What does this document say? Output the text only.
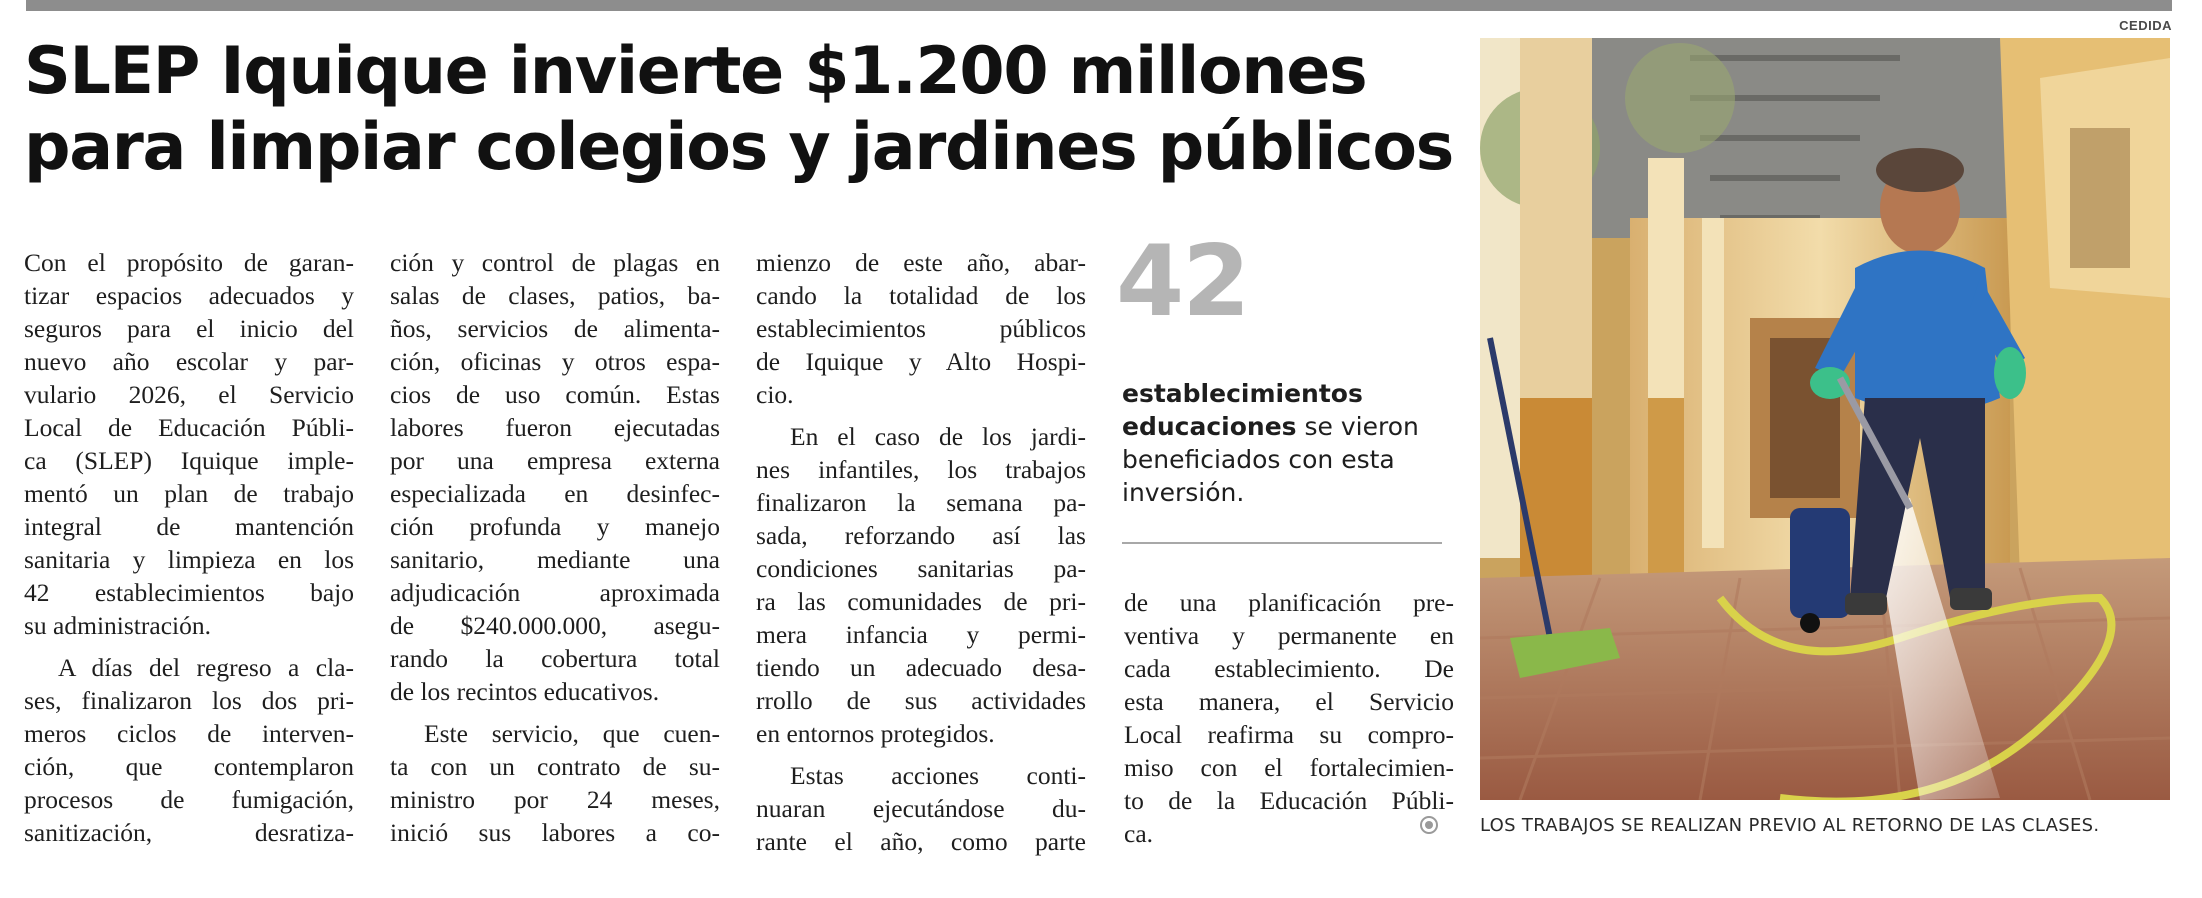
CEDIDA
SLEP Iquique invierte $1.200 millones
para limpiar colegios y jardines públicos

Con el propósito de garan-

tizar espacios adecuados y

seguros para el inicio del

nuevo año escolar y par-

vulario 2026, el Servicio

Local de Educación Públi-

ca (SLEP) Iquique imple-

mentó un plan de trabajo

integral de mantención

sanitaria y limpieza en los

42 establecimientos bajo

su administración.

A días del regreso a cla-

ses, finalizaron los dos pri-

meros ciclos de interven-

ción, que contemplaron

procesos de fumigación,

sanitización, desratiza-

ción y control de plagas en

salas de clases, patios, ba-

ños, servicios de alimenta-

ción, oficinas y otros espa-

cios de uso común. Estas

labores fueron ejecutadas

por una empresa externa

especializada en desinfec-

ción profunda y manejo

sanitario, mediante una

adjudicación aproximada

de $240.000.000, asegu-

rando la cobertura total

de los recintos educativos.

Este servicio, que cuen-

ta con un contrato de su-

ministro por 24 meses,

inició sus labores a co-

mienzo de este año, abar-

cando la totalidad de los

establecimientos públicos

de Iquique y Alto Hospi-

cio.

En el caso de los jardi-

nes infantiles, los trabajos

finalizaron la semana pa-

sada, reforzando así las

condiciones sanitarias pa-

ra las comunidades de pri-

mera infancia y permi-

tiendo un adecuado desa-

rrollo de sus actividades

en entornos protegidos.

Estas acciones conti-

nuaran ejecutándose du-

rante el año, como parte

42

establecimientos educaciones se vieron beneficiados con esta inversión.

de una planificación pre-

ventiva y permanente en

cada establecimiento. De

esta manera, el Servicio

Local reafirma su compro-

miso con el fortalecimien-

to de la Educación Públi-

ca.	LOS TRABAJOS SE REALIZAN PREVIO AL RETORNO DE LAS CLASES.
